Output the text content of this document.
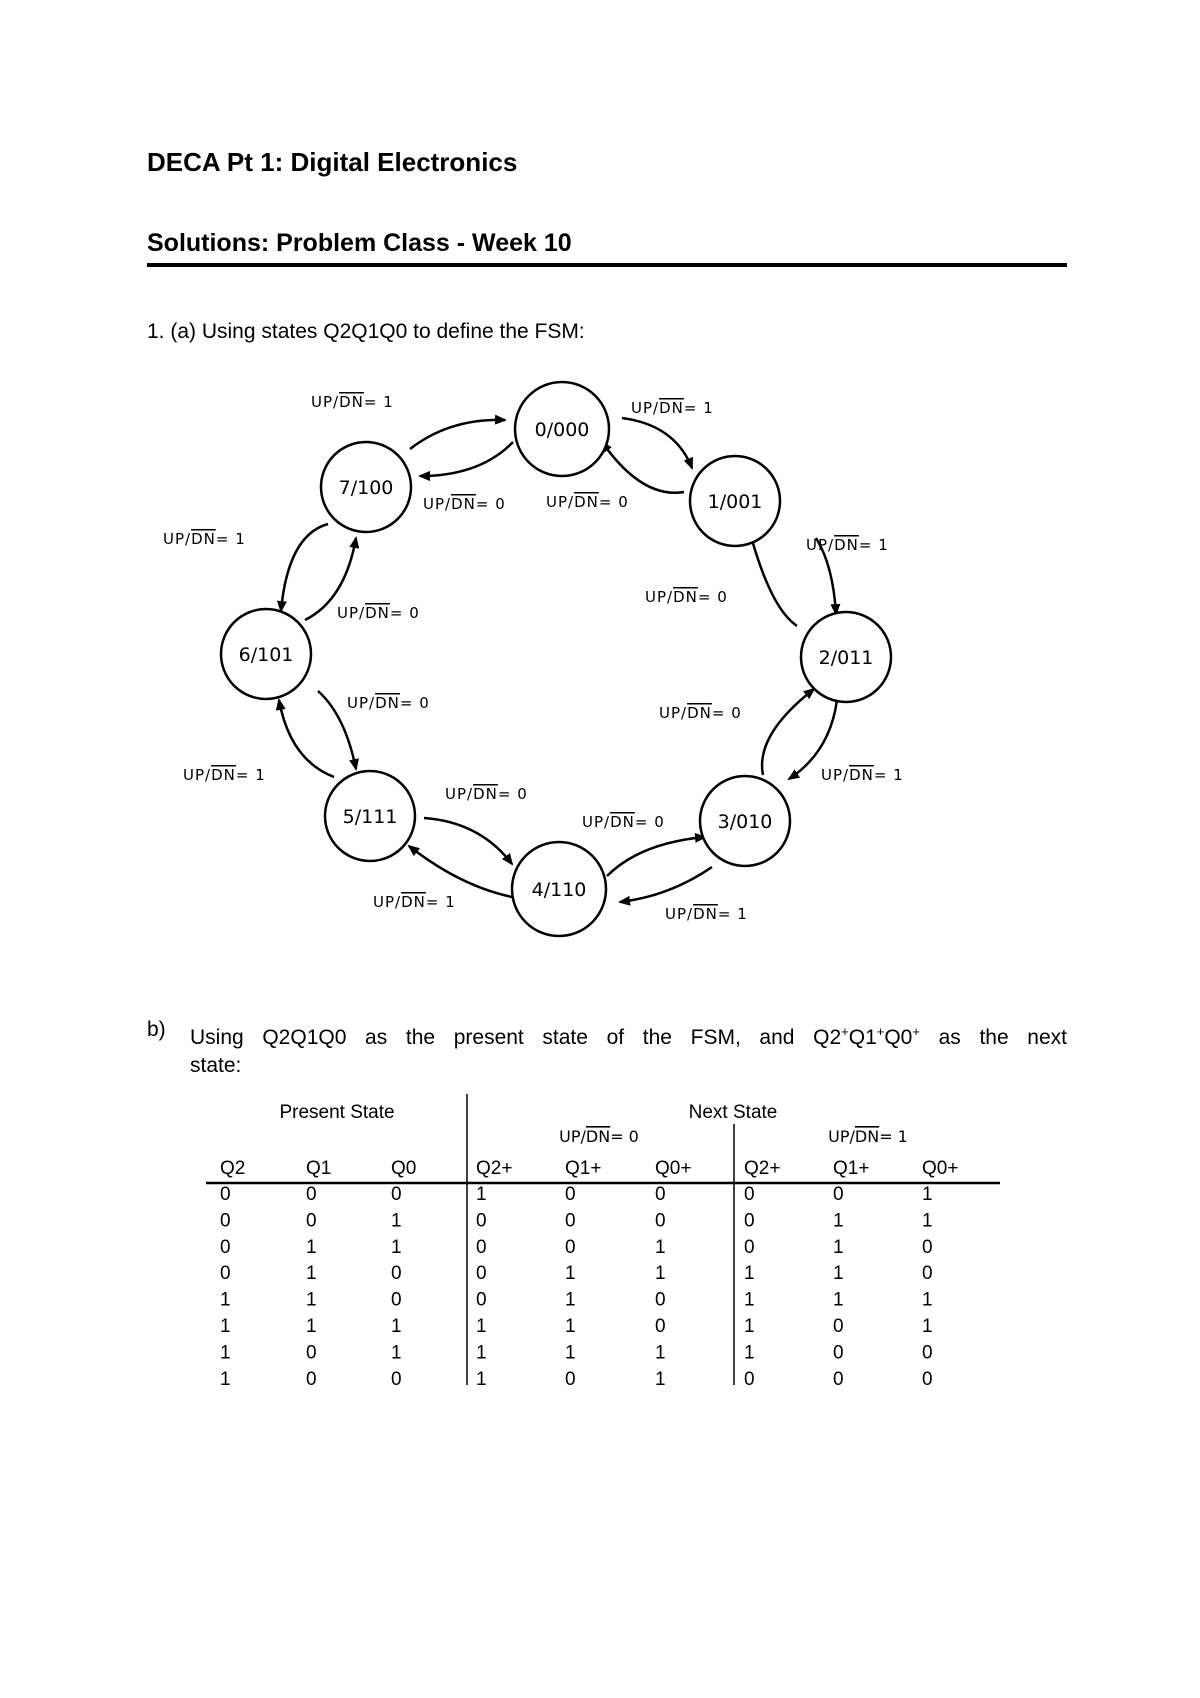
DECA Pt 1: Digital Electronics
Solutions: Problem Class - Week 10
1. (a) Using states Q2Q1Q0 to define the FSM:
0/000
1/001
2/011
3/010
4/110
5/111
6/101
7/100
UP/DN= 1
UP/DN= 0
UP/DN= 1
UP/DN= 0
UP/DN= 1
UP/DN= 0
UP/DN= 1
UP/DN= 0
UP/DN= 1
UP/DN= 0
UP/DN= 1
UP/DN= 0
UP/DN= 1
UP/DN= 0
UP/DN= 1
UP/DN= 0
b) Using Q2Q1Q0 as the present state of the FSM, and Q2+Q1+Q0+ as the next
state:
Present State	Next State
UP/DN= 0	UP/DN= 1
Q2	Q1	Q0	Q2+	Q1+	Q0+	Q2+	Q1+	Q0+
0	0	0	1	0	0	0	0	1
0	0	1	0	0	0	0	1	1
0	1	1	0	0	1	0	1	0
0	1	0	0	1	1	1	1	0
1	1	0	0	1	0	1	1	1
1	1	1	1	1	0	1	0	1
1	0	1	1	1	1	1	0	0
1	0	0	1	0	1	0	0	0
